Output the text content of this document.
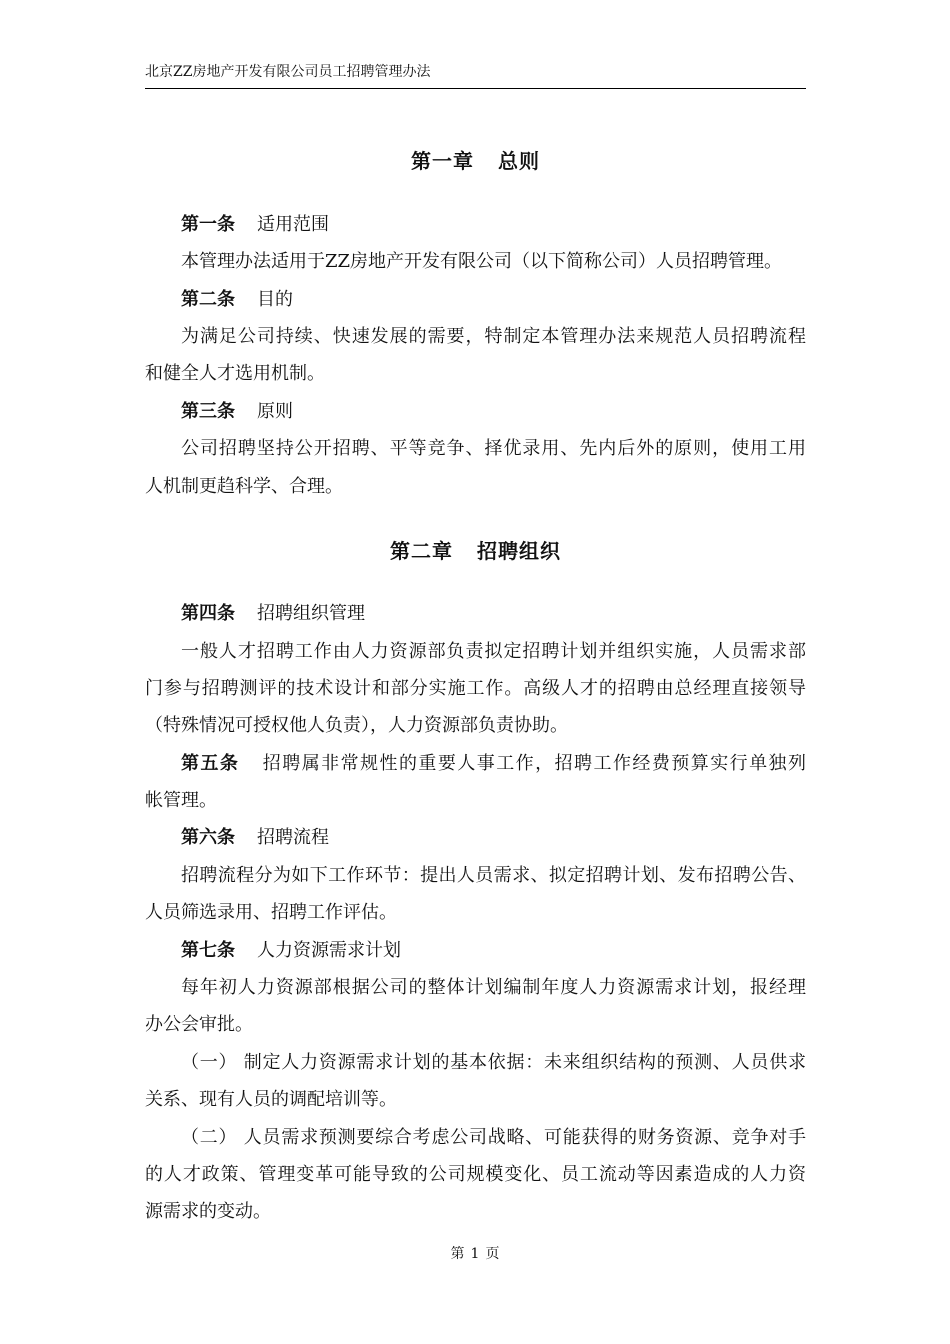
北京ZZ房地产开发有限公司员工招聘管理办法
第一章 总则
第一条 适用范围
本管理办法适用于ZZ房地产开发有限公司（以下简称公司）人员招聘管理。
第二条 目的
为满足公司持续、快速发展的需要，特制定本管理办法来规范人员招聘流程
和健全人才选用机制。
第三条 原则
公司招聘坚持公开招聘、平等竞争、择优录用、先内后外的原则，使用工用
人机制更趋科学、合理。
第二章 招聘组织
第四条 招聘组织管理
一般人才招聘工作由人力资源部负责拟定招聘计划并组织实施，人员需求部
门参与招聘测评的技术设计和部分实施工作。高级人才的招聘由总经理直接领导
（特殊情况可授权他人负责），人力资源部负责协助。
第五条 招聘属非常规性的重要人事工作，招聘工作经费预算实行单独列
帐管理。
第六条 招聘流程
招聘流程分为如下工作环节：提出人员需求、拟定招聘计划、发布招聘公告、
人员筛选录用、招聘工作评估。
第七条 人力资源需求计划
每年初人力资源部根据公司的整体计划编制年度人力资源需求计划，报经理
办公会审批。
（一） 制定人力资源需求计划的基本依据：未来组织结构的预测、人员供求
关系、现有人员的调配培训等。
（二） 人员需求预测要综合考虑公司战略、可能获得的财务资源、竞争对手
的人才政策、管理变革可能导致的公司规模变化、员工流动等因素造成的人力资
源需求的变动。
第 1 页
